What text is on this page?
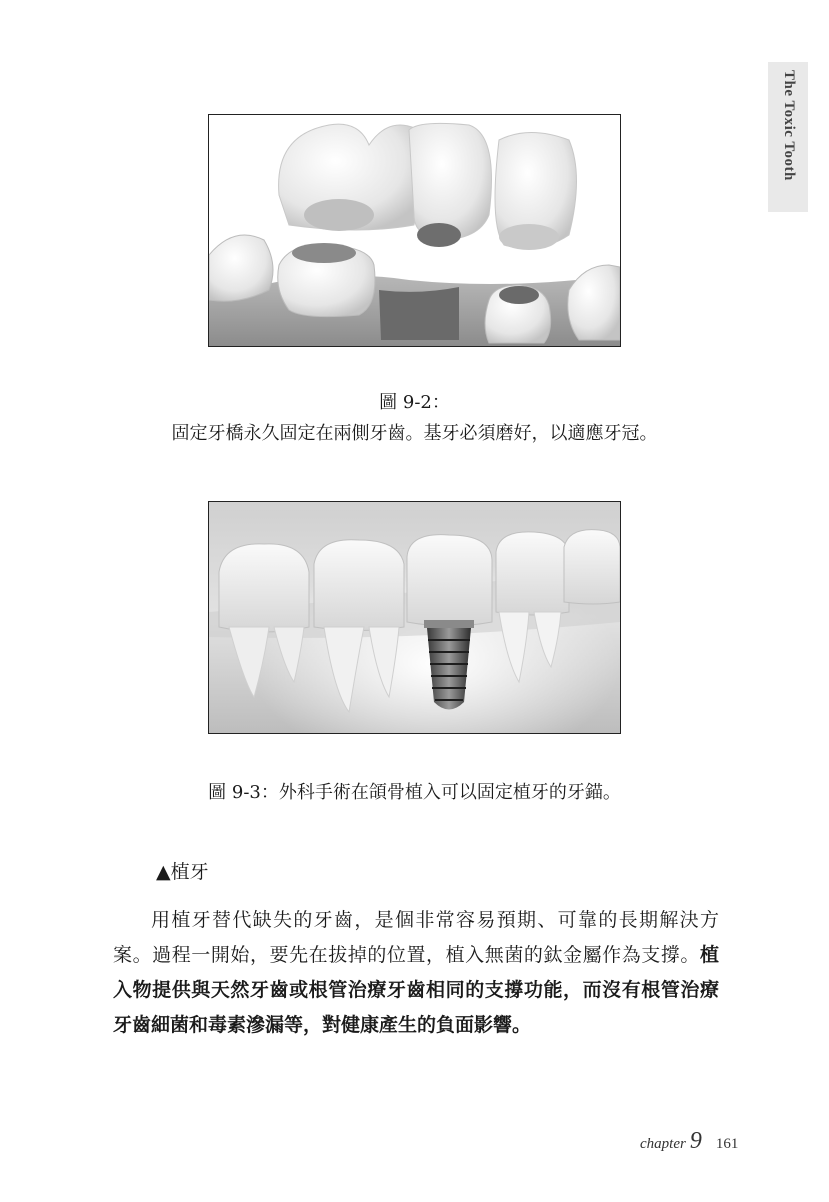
The Toxic Tooth
圖 9-2：
固定牙橋永久固定在兩側牙齒。基牙必須磨好，以適應牙冠。
圖 9-3：外科手術在頜骨植入可以固定植牙的牙錨。
▲植牙

用植牙替代缺失的牙齒，是個非常容易預期、可靠的長期解決方案。過程一開始，要先在拔掉的位置，植入無菌的鈦金屬作為支撐。植入物提供與天然牙齒或根管治療牙齒相同的支撐功能，而沒有根管治療牙齒細菌和毒素滲漏等，對健康產生的負面影響。

chapter 9 161
